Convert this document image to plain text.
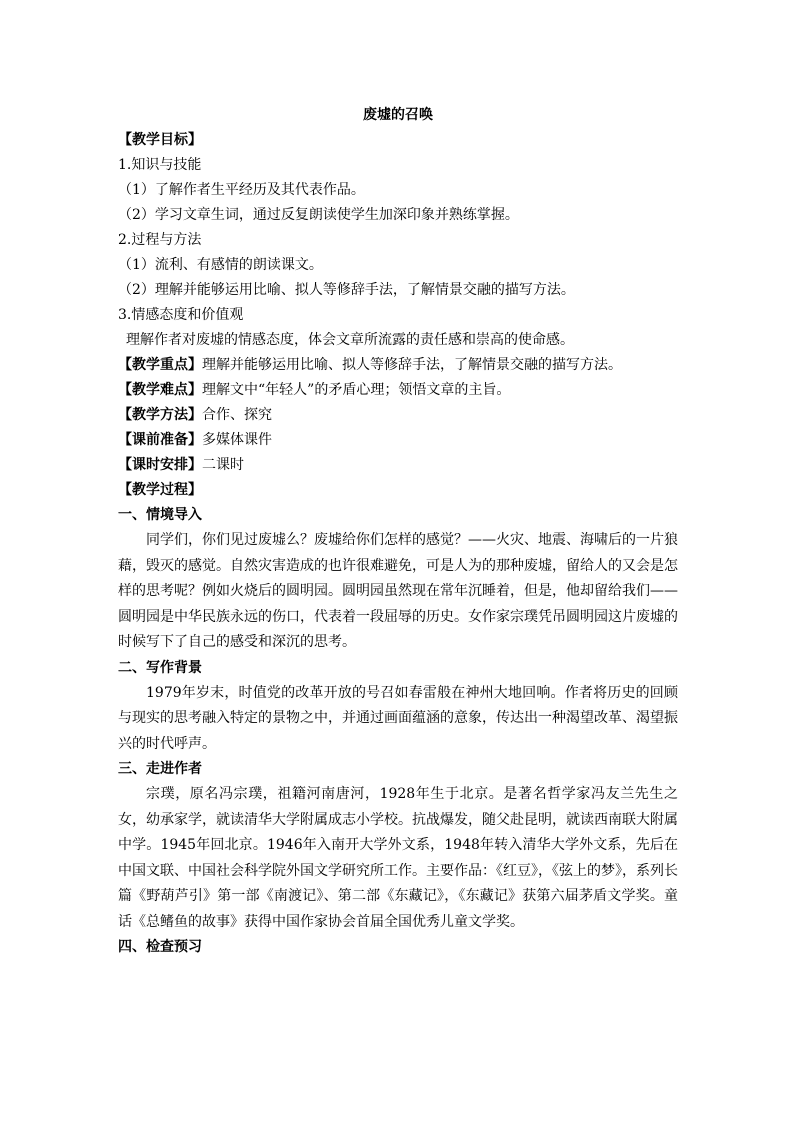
废墟的召唤
【教学目标】
1.知识与技能
（1）了解作者生平经历及其代表作品。
（2）学习文章生词，通过反复朗读使学生加深印象并熟练掌握。
2.过程与方法
（1）流利、有感情的朗读课文。
（2）理解并能够运用比喻、拟人等修辞手法，了解情景交融的描写方法。
3.情感态度和价值观
理解作者对废墟的情感态度，体会文章所流露的责任感和崇高的使命感。
【教学重点】理解并能够运用比喻、拟人等修辞手法，了解情景交融的描写方法。
【教学难点】理解文中“年轻人”的矛盾心理；领悟文章的主旨。
【教学方法】合作、探究
【课前准备】多媒体课件
【课时安排】二课时
【教学过程】
一、情境导入
同学们，你们见过废墟么？废墟给你们怎样的感觉？——火灾、地震、海啸后的一片狼藉，毁灭的感觉。自然灾害造成的也许很难避免，可是人为的那种废墟，留给人的又会是怎样的思考呢？例如火烧后的圆明园。圆明园虽然现在常年沉睡着，但是，他却留给我们——圆明园是中华民族永远的伤口，代表着一段屈辱的历史。女作家宗璞凭吊圆明园这片废墟的时候写下了自己的感受和深沉的思考。
二、写作背景
1979年岁末，时值党的改革开放的号召如春雷般在神州大地回响。作者将历史的回顾与现实的思考融入特定的景物之中，并通过画面蕴涵的意象，传达出一种渴望改革、渴望振兴的时代呼声。
三、走进作者
宗璞，原名冯宗璞，祖籍河南唐河，1928年生于北京。是著名哲学家冯友兰先生之女，幼承家学，就读清华大学附属成志小学校。抗战爆发，随父赴昆明，就读西南联大附属中学。1945年回北京。1946年入南开大学外文系，1948年转入清华大学外文系，先后在中国文联、中国社会科学院外国文学研究所工作。主要作品：《红豆》，《弦上的梦》，系列长篇《野葫芦引》第一部《南渡记》、第二部《东藏记》，《东藏记》获第六届茅盾文学奖。童话《总鳍鱼的故事》获得中国作家协会首届全国优秀儿童文学奖。
四、检查预习
